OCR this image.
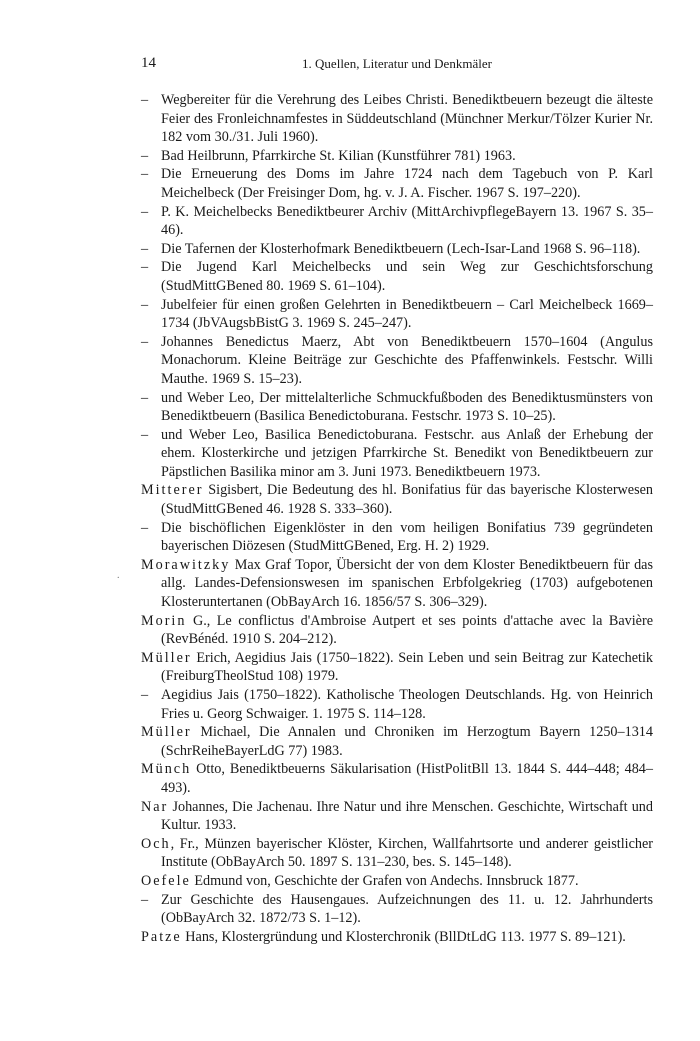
14	1. Quellen, Literatur und Denkmäler
.
– Wegbereiter für die Verehrung des Leibes Christi. Benediktbeuern bezeugt die älteste Feier des Fronleichnamfestes in Süddeutschland (Münchner Merkur/Tölzer Kurier Nr. 182 vom 30./31. Juli 1960).
– Bad Heilbrunn, Pfarrkirche St. Kilian (Kunstführer 781) 1963.
– Die Erneuerung des Doms im Jahre 1724 nach dem Tagebuch von P. Karl Meichelbeck (Der Freisinger Dom, hg. v. J. A. Fischer. 1967 S. 197–220).
– P. K. Meichelbecks Benediktbeurer Archiv (MittArchivpflegeBayern 13. 1967 S. 35–46).
– Die Tafernen der Klosterhofmark Benediktbeuern (Lech-Isar-Land 1968 S. 96–118).
– Die Jugend Karl Meichelbecks und sein Weg zur Geschichtsforschung (StudMittGBened 80. 1969 S. 61–104).
– Jubelfeier für einen großen Gelehrten in Benediktbeuern – Carl Meichelbeck 1669–1734 (JbVAugsbBistG 3. 1969 S. 245–247).
– Johannes Benedictus Maerz, Abt von Benediktbeuern 1570–1604 (Angulus Monachorum. Kleine Beiträge zur Geschichte des Pfaffenwinkels. Festschr. Willi Mauthe. 1969 S. 15–23).
– und Weber Leo, Der mittelalterliche Schmuckfußboden des Benediktusmünsters von Benediktbeuern (Basilica Benedictoburana. Festschr. 1973 S. 10–25).
– und Weber Leo, Basilica Benedictoburana. Festschr. aus Anlaß der Erhebung der ehem. Klosterkirche und jetzigen Pfarrkirche St. Benedikt von Benediktbeuern zur Päpstlichen Basilika minor am 3. Juni 1973. Benediktbeuern 1973.
Mitterer Sigisbert, Die Bedeutung des hl. Bonifatius für das bayerische Klosterwesen (StudMittGBened 46. 1928 S. 333–360).
– Die bischöflichen Eigenklöster in den vom heiligen Bonifatius 739 gegründeten bayerischen Diözesen (StudMittGBened, Erg. H. 2) 1929.
Morawitzky Max Graf Topor, Übersicht der von dem Kloster Benediktbeuern für das allg. Landes-Defensionswesen im spanischen Erbfolgekrieg (1703) aufgebotenen Klosteruntertanen (ObBayArch 16. 1856/57 S. 306–329).
Morin G., Le conflictus d'Ambroise Autpert et ses points d'attache avec la Bavière (RevBénéd. 1910 S. 204–212).
Müller Erich, Aegidius Jais (1750–1822). Sein Leben und sein Beitrag zur Katechetik (FreiburgTheolStud 108) 1979.
– Aegidius Jais (1750–1822). Katholische Theologen Deutschlands. Hg. von Heinrich Fries u. Georg Schwaiger. 1. 1975 S. 114–128.
Müller Michael, Die Annalen und Chroniken im Herzogtum Bayern 1250–1314 (SchrReiheBayerLdG 77) 1983.
Münch Otto, Benediktbeuerns Säkularisation (HistPolitBll 13. 1844 S. 444–448; 484–493).
Nar Johannes, Die Jachenau. Ihre Natur und ihre Menschen. Geschichte, Wirtschaft und Kultur. 1933.
Och, Fr., Münzen bayerischer Klöster, Kirchen, Wallfahrtsorte und anderer geistlicher Institute (ObBayArch 50. 1897 S. 131–230, bes. S. 145–148).
Oefele Edmund von, Geschichte der Grafen von Andechs. Innsbruck 1877.
– Zur Geschichte des Hausengaues. Aufzeichnungen des 11. u. 12. Jahrhunderts (ObBayArch 32. 1872/73 S. 1–12).
Patze Hans, Klostergründung und Klosterchronik (BllDtLdG 113. 1977 S. 89–121).
